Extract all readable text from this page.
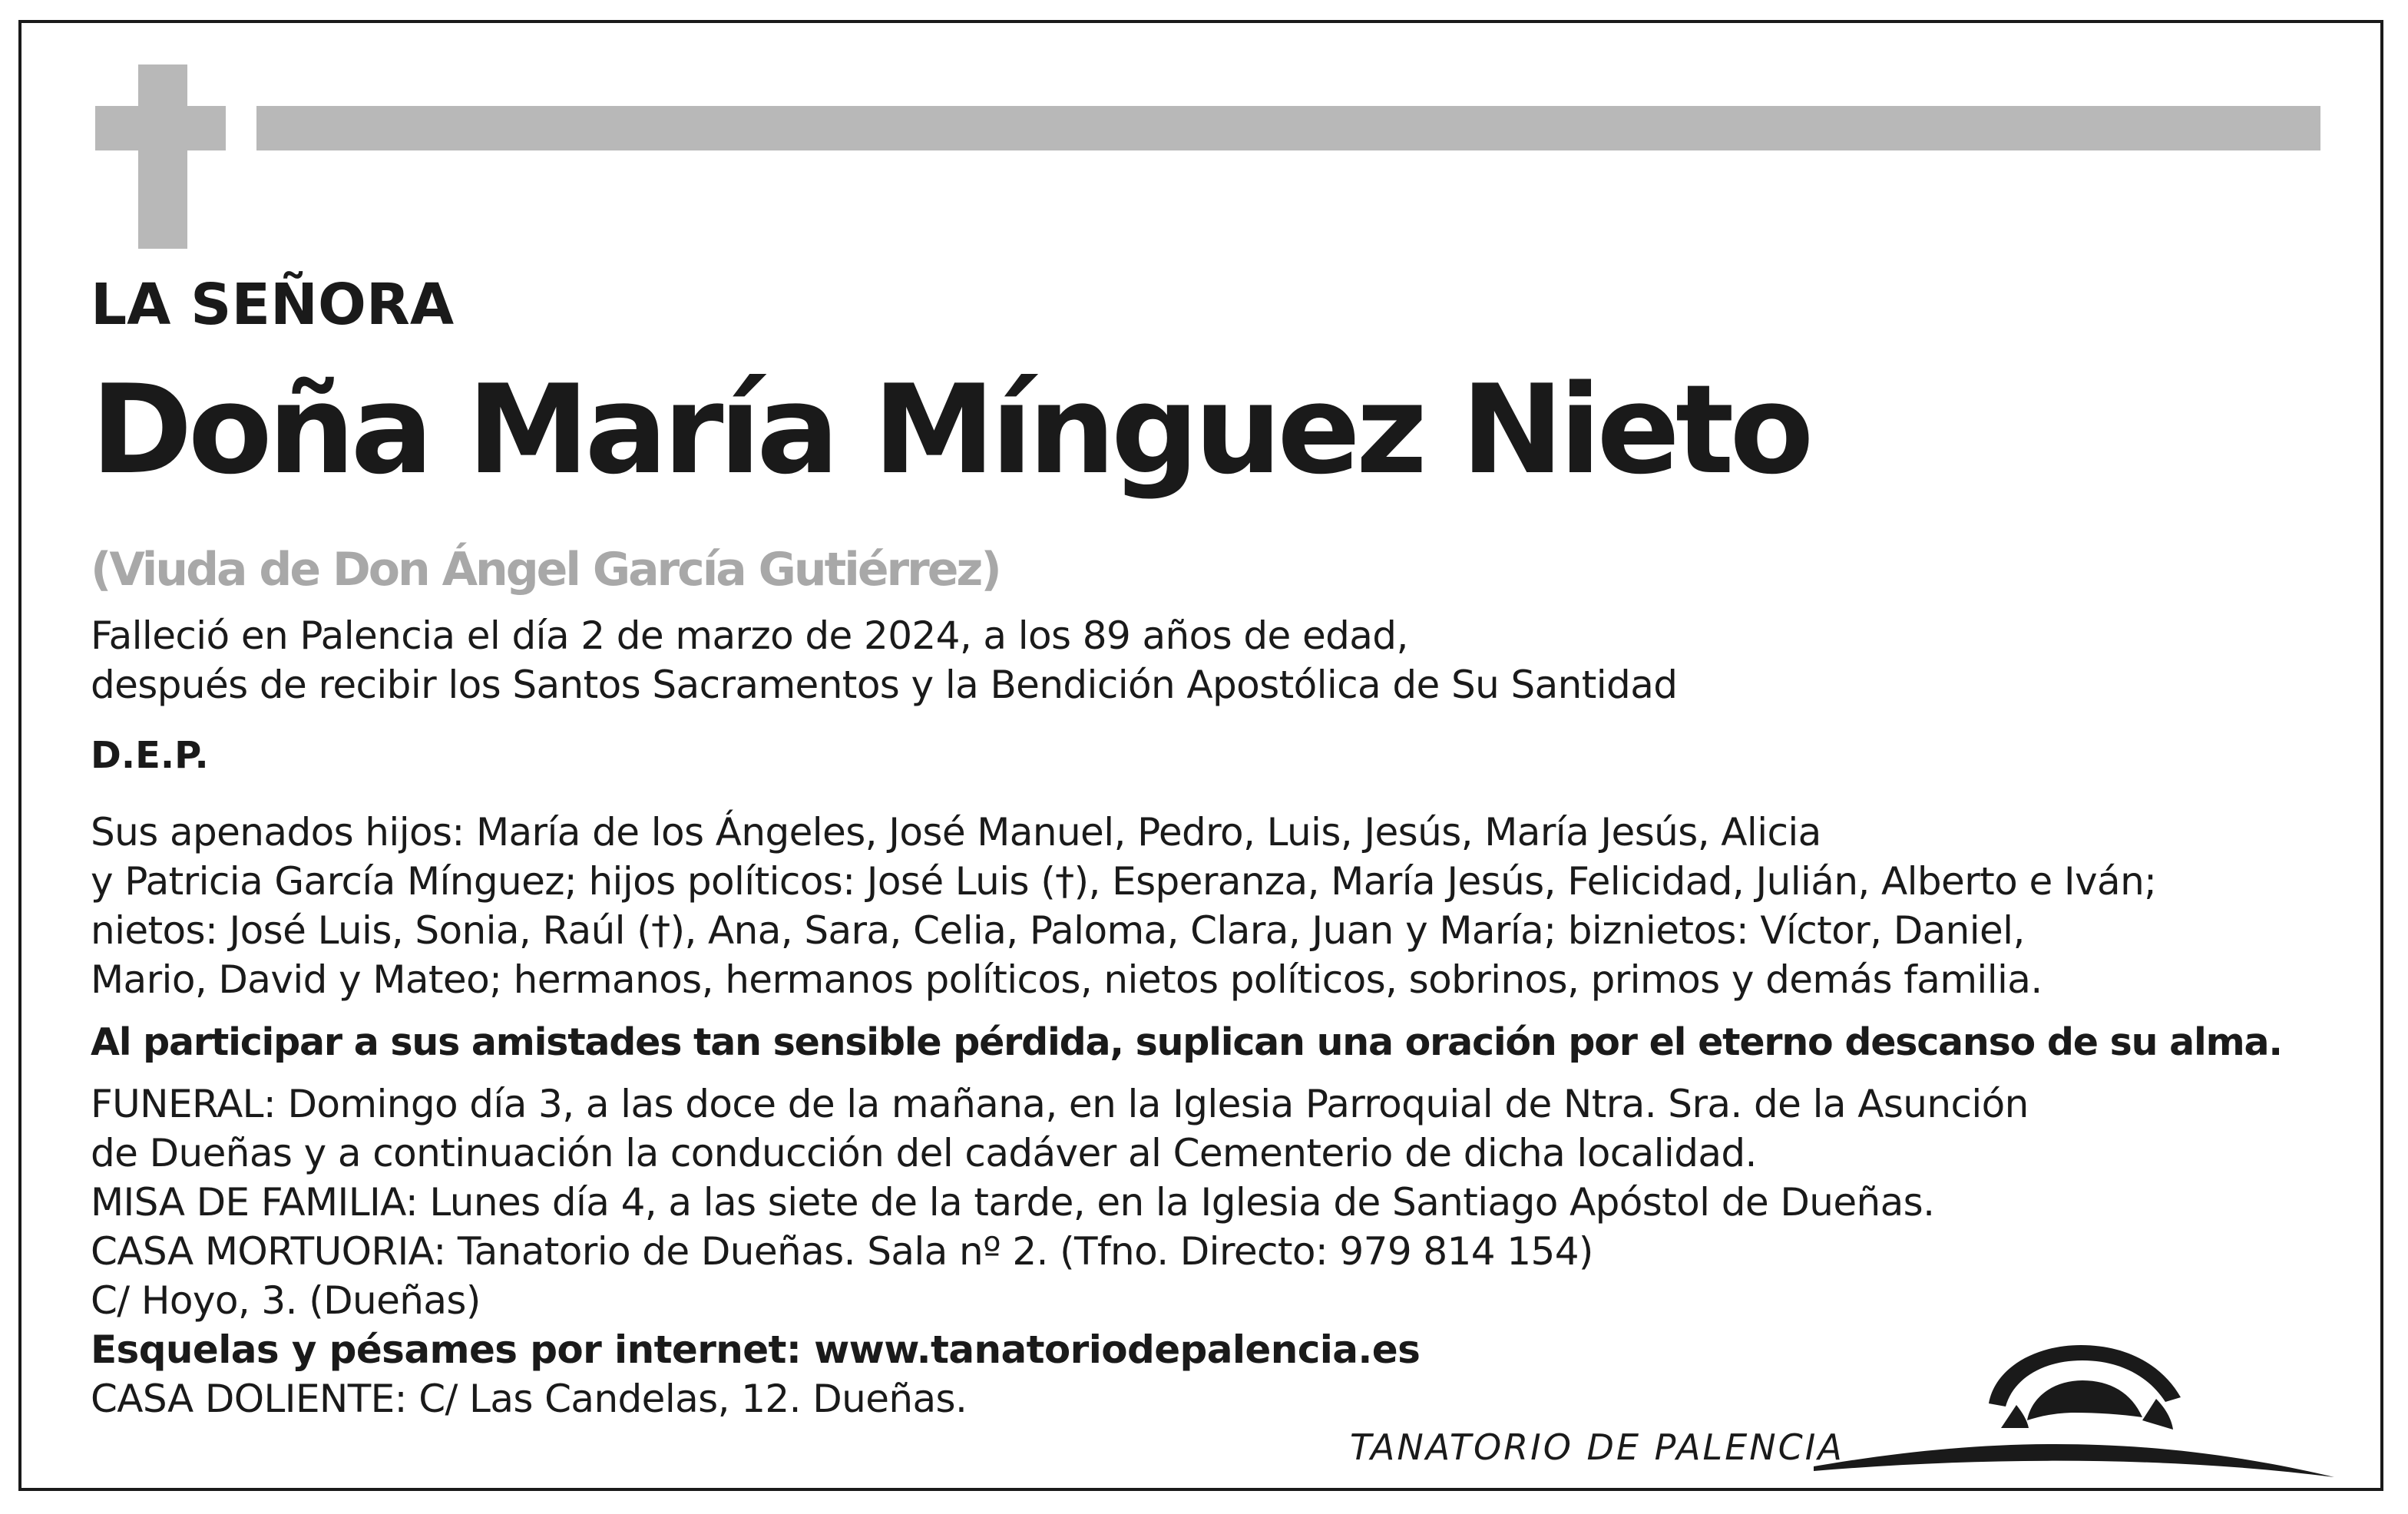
LA SEÑORA
Doña María Mínguez Nieto
(Viuda de Don Ángel García Gutiérrez)
Falleció en Palencia el día 2 de marzo de 2024, a los 89 años de edad,
después de recibir los Santos Sacramentos y la Bendición Apostólica de Su Santidad
D.E.P.
Sus apenados hijos: María de los Ángeles, José Manuel, Pedro, Luis, Jesús, María Jesús, Alicia
y Patricia García Mínguez; hijos políticos: José Luis (†), Esperanza, María Jesús, Felicidad, Julián, Alberto e Iván;
nietos: José Luis, Sonia, Raúl (†), Ana, Sara, Celia, Paloma, Clara, Juan y María; biznietos: Víctor, Daniel,
Mario, David y Mateo; hermanos, hermanos políticos, nietos políticos, sobrinos, primos y demás familia.
Al participar a sus amistades tan sensible pérdida, suplican una oración por el eterno descanso de su alma.
FUNERAL: Domingo día 3, a las doce de la mañana, en la Iglesia Parroquial de Ntra. Sra. de la Asunción
de Dueñas y a continuación la conducción del cadáver al Cementerio de dicha localidad.
MISA DE FAMILIA: Lunes día 4, a las siete de la tarde, en la Iglesia de Santiago Apóstol de Dueñas.
CASA MORTUORIA: Tanatorio de Dueñas. Sala nº 2. (Tfno. Directo: 979 814 154)
C/ Hoyo, 3. (Dueñas)
Esquelas y pésames por internet: www.tanatoriodepalencia.es
CASA DOLIENTE: C/ Las Candelas, 12. Dueñas.
TANATORIO DE PALENCIA
